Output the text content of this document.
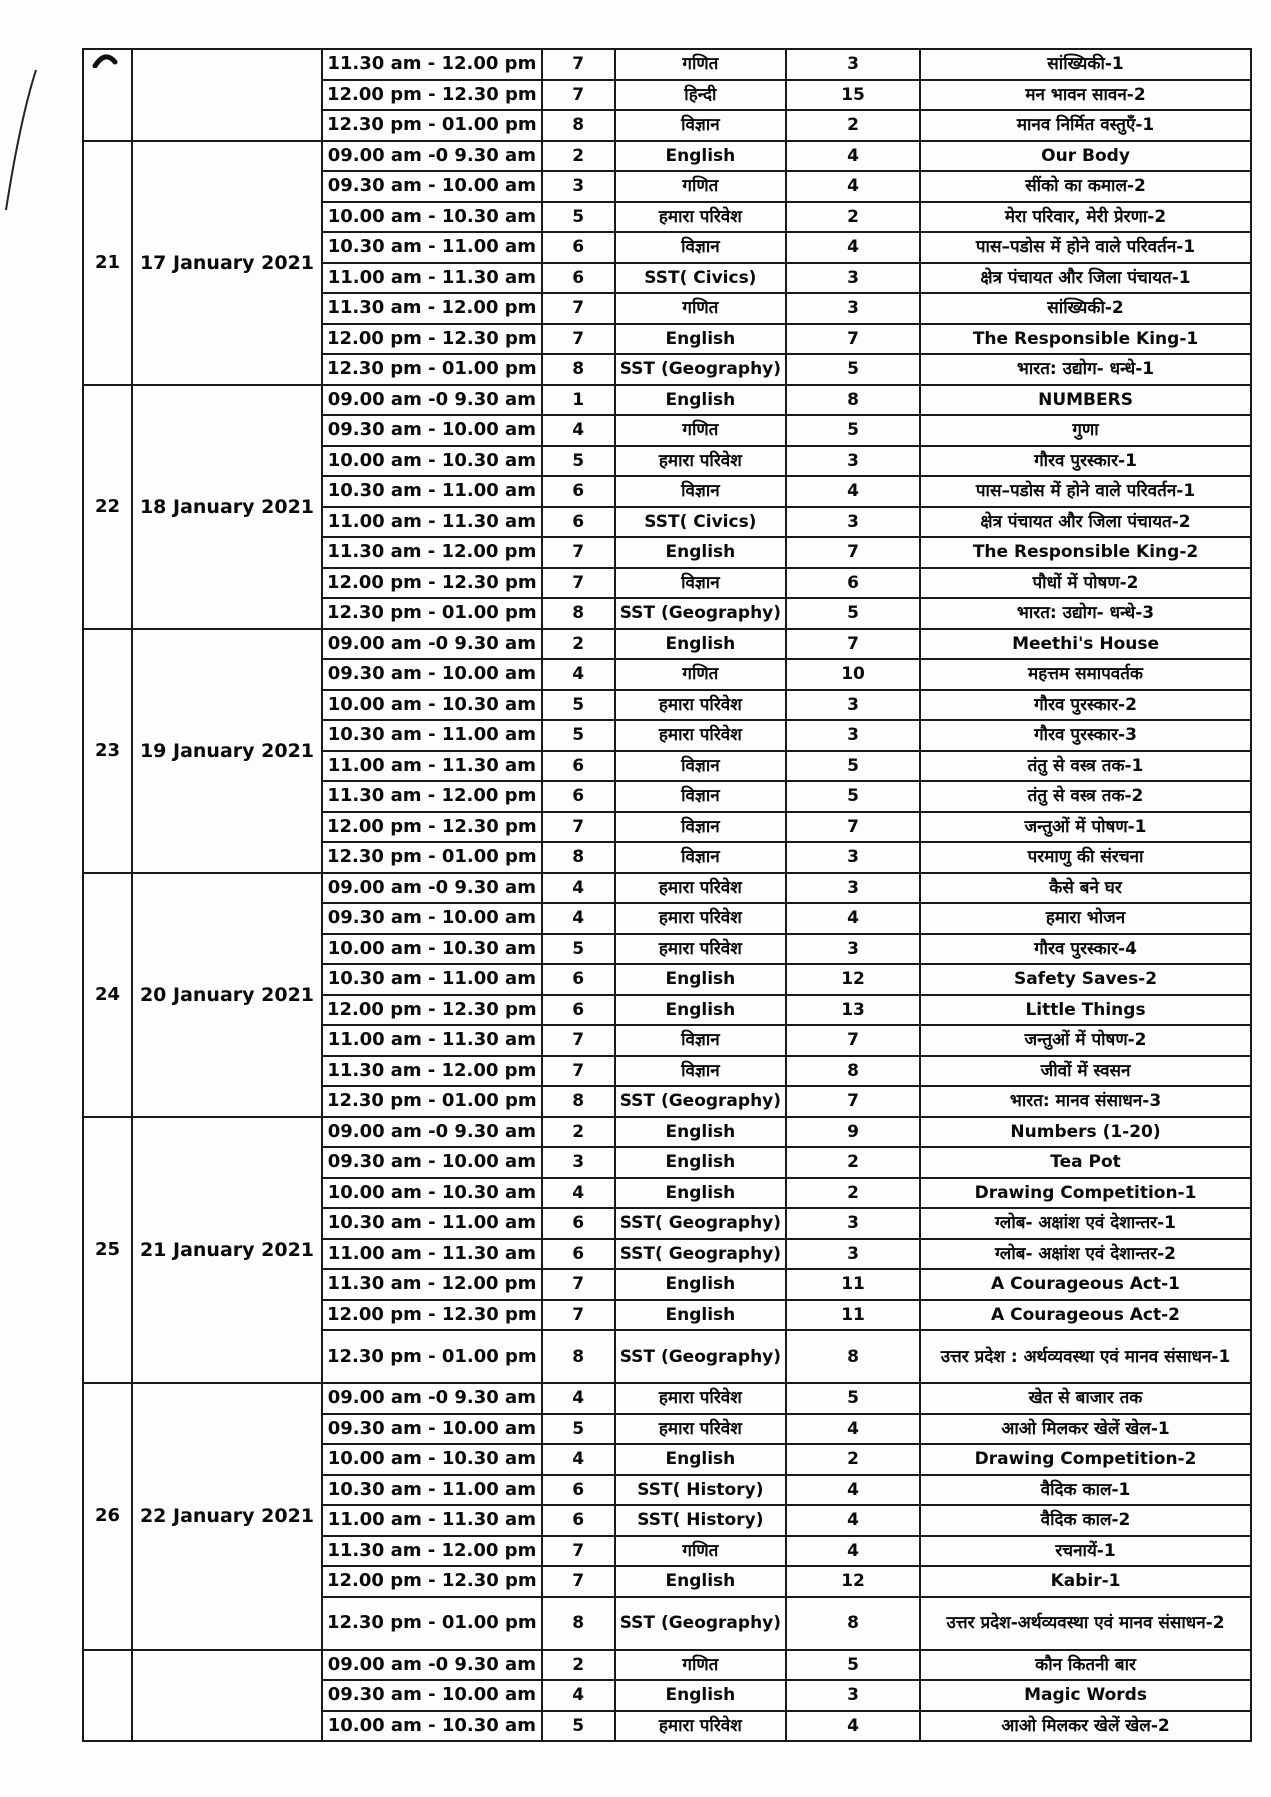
		11.30 am - 12.00 pm	7	गणित	3	सांख्यिकी-1
		12.00 pm - 12.30 pm	7	हिन्दी	15	मन भावन सावन-2
		12.30 pm - 01.00 pm	8	विज्ञान	2	मानव निर्मित वस्तुएँ-1
21	17 January 2021	09.00 am -0 9.30 am	2	English	4	Our Body
		09.30 am - 10.00 am	3	गणित	4	सींको का कमाल-2
		10.00 am - 10.30 am	5	हमारा परिवेश	2	मेरा परिवार, मेरी प्रेरणा-2
		10.30 am - 11.00 am	6	विज्ञान	4	पास–पडोस में होने वाले परिवर्तन-1
		11.00 am - 11.30 am	6	SST( Civics)	3	क्षेत्र पंचायत और जिला पंचायत-1
		11.30 am - 12.00 pm	7	गणित	3	सांख्यिकी-2
		12.00 pm - 12.30 pm	7	English	7	The Responsible King-1
		12.30 pm - 01.00 pm	8	SST (Geography)	5	भारत: उद्योग- धन्धे-1
22	18 January 2021	09.00 am -0 9.30 am	1	English	8	NUMBERS
		09.30 am - 10.00 am	4	गणित	5	गुणा
		10.00 am - 10.30 am	5	हमारा परिवेश	3	गौरव पुरस्कार-1
		10.30 am - 11.00 am	6	विज्ञान	4	पास–पडोस में होने वाले परिवर्तन-1
		11.00 am - 11.30 am	6	SST( Civics)	3	क्षेत्र पंचायत और जिला पंचायत-2
		11.30 am - 12.00 pm	7	English	7	The Responsible King-2
		12.00 pm - 12.30 pm	7	विज्ञान	6	पौधों में पोषण-2
		12.30 pm - 01.00 pm	8	SST (Geography)	5	भारत: उद्योग- धन्धे-3
23	19 January 2021	09.00 am -0 9.30 am	2	English	7	Meethi's House
		09.30 am - 10.00 am	4	गणित	10	महत्तम समापवर्तक
		10.00 am - 10.30 am	5	हमारा परिवेश	3	गौरव पुरस्कार-2
		10.30 am - 11.00 am	5	हमारा परिवेश	3	गौरव पुरस्कार-3
		11.00 am - 11.30 am	6	विज्ञान	5	तंतु से वस्त्र तक-1
		11.30 am - 12.00 pm	6	विज्ञान	5	तंतु से वस्त्र तक-2
		12.00 pm - 12.30 pm	7	विज्ञान	7	जन्तुओं में पोषण-1
		12.30 pm - 01.00 pm	8	विज्ञान	3	परमाणु की संरचना
24	20 January 2021	09.00 am -0 9.30 am	4	हमारा परिवेश	3	कैसे बने घर
		09.30 am - 10.00 am	4	हमारा परिवेश	4	हमारा भोजन
		10.00 am - 10.30 am	5	हमारा परिवेश	3	गौरव पुरस्कार-4
		10.30 am - 11.00 am	6	English	12	Safety Saves-2
		12.00 pm - 12.30 pm	6	English	13	Little Things
		11.00 am - 11.30 am	7	विज्ञान	7	जन्तुओं में पोषण-2
		11.30 am - 12.00 pm	7	विज्ञान	8	जीवों में स्वसन
		12.30 pm - 01.00 pm	8	SST (Geography)	7	भारत: मानव संसाधन-3
25	21 January 2021	09.00 am -0 9.30 am	2	English	9	Numbers (1-20)
		09.30 am - 10.00 am	3	English	2	Tea Pot
		10.00 am - 10.30 am	4	English	2	Drawing Competition-1
		10.30 am - 11.00 am	6	SST( Geography)	3	ग्लोब- अक्षांश एवं देशान्तर-1
		11.00 am - 11.30 am	6	SST( Geography)	3	ग्लोब- अक्षांश एवं देशान्तर-2
		11.30 am - 12.00 pm	7	English	11	A Courageous Act-1
		12.00 pm - 12.30 pm	7	English	11	A Courageous Act-2
		12.30 pm - 01.00 pm	8	SST (Geography)	8	उत्तर प्रदेश : अर्थव्यवस्था एवं मानव संसाधन-1
26	22 January 2021	09.00 am -0 9.30 am	4	हमारा परिवेश	5	खेत से बाजार तक
		09.30 am - 10.00 am	5	हमारा परिवेश	4	आओ मिलकर खेलें खेल-1
		10.00 am - 10.30 am	4	English	2	Drawing Competition-2
		10.30 am - 11.00 am	6	SST( History)	4	वैदिक काल-1
		11.00 am - 11.30 am	6	SST( History)	4	वैदिक काल-2
		11.30 am - 12.00 pm	7	गणित	4	रचनायें-1
		12.00 pm - 12.30 pm	7	English	12	Kabir-1
		12.30 pm - 01.00 pm	8	SST (Geography)	8	उत्तर प्रदेश-अर्थव्यवस्था एवं मानव संसाधन-2
		09.00 am -0 9.30 am	2	गणित	5	कौन कितनी बार
		09.30 am - 10.00 am	4	English	3	Magic Words
		10.00 am - 10.30 am	5	हमारा परिवेश	4	आओ मिलकर खेलें खेल-2
